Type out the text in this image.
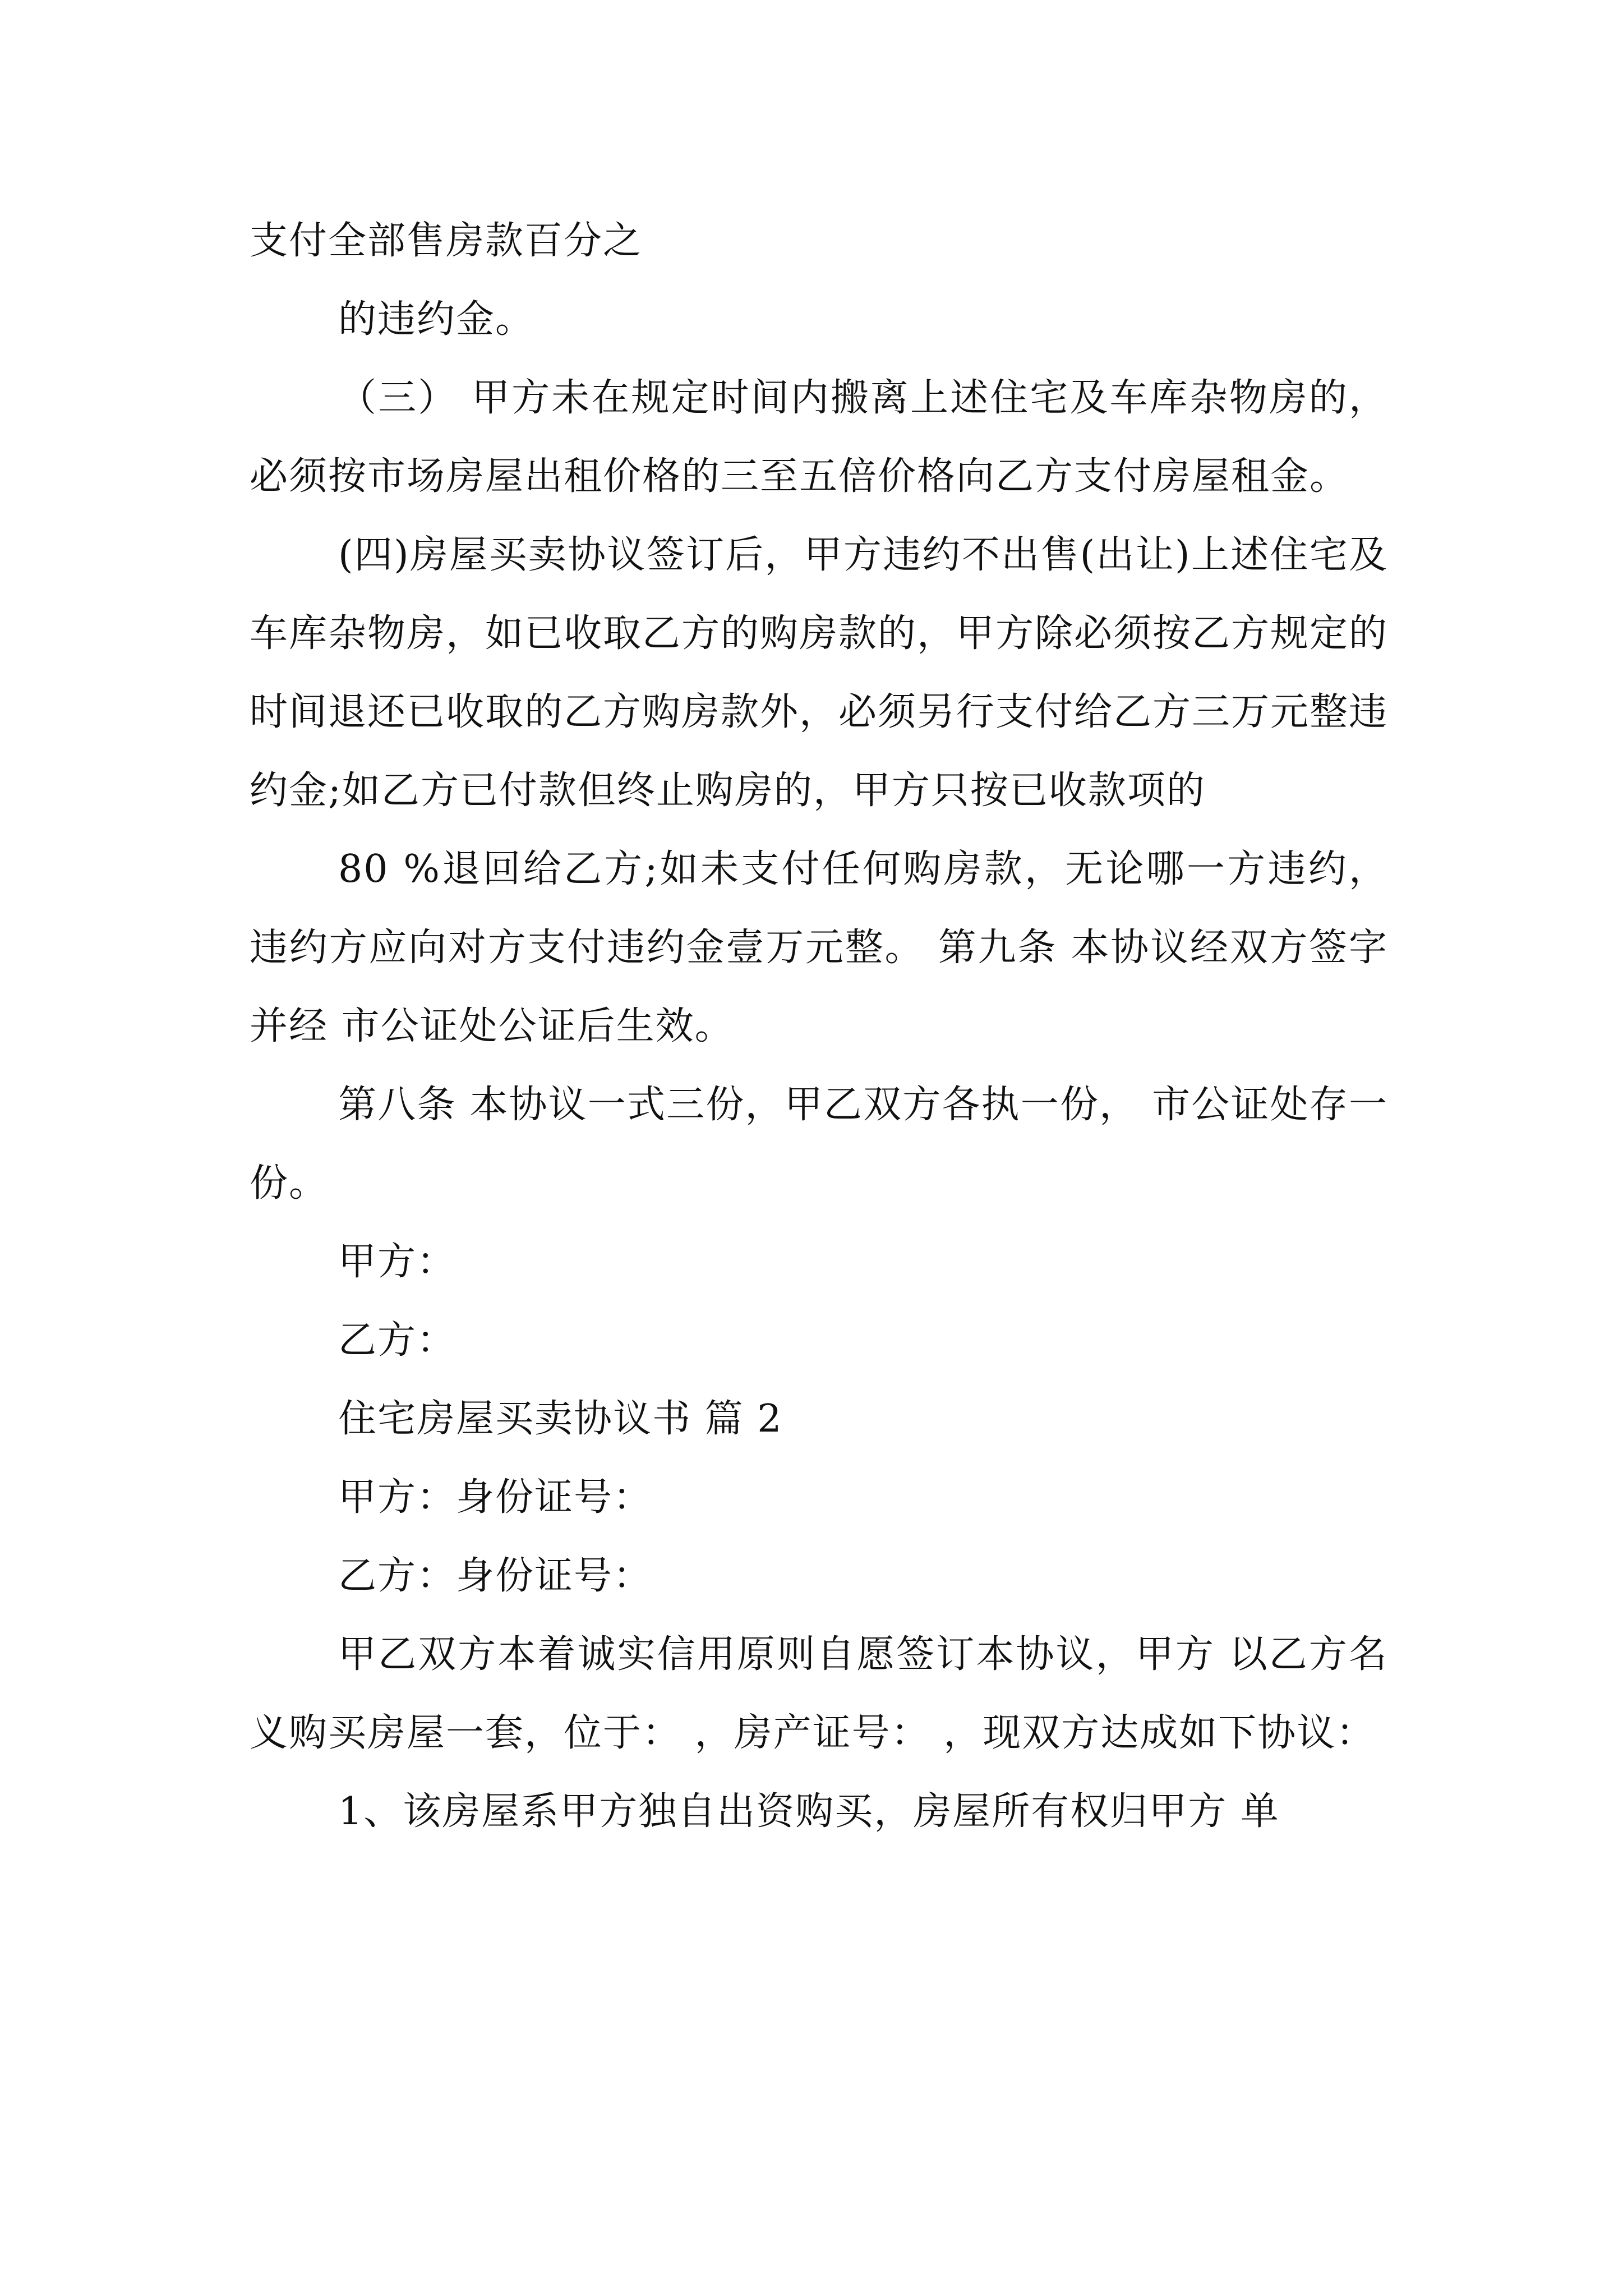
支付全部售房款百分之

的违约金。

（三） 甲方未在规定时间内搬离上述住宅及车库杂物房的，必须按市场房屋出租价格的三至五倍价格向乙方支付房屋租金。

(四)房屋买卖协议签订后，甲方违约不出售(出让)上述住宅及车库杂物房，如已收取乙方的购房款的，甲方除必须按乙方规定的时间退还已收取的乙方购房款外，必须另行支付给乙方三万元整违约金;如乙方已付款但终止购房的，甲方只按已收款项的

80 %退回给乙方;如未支付任何购房款，无论哪一方违约，违约方应向对方支付违约金壹万元整。 第九条 本协议经双方签字并经 市公证处公证后生效。

第八条 本协议一式三份，甲乙双方各执一份， 市公证处存一份。

甲方：

乙方：

住宅房屋买卖协议书 篇 2

甲方：身份证号：

乙方：身份证号：

甲乙双方本着诚实信用原则自愿签订本协议，甲方 以乙方名义购买房屋一套，位于： ，房产证号： ，现双方达成如下协议：

1、该房屋系甲方独自出资购买，房屋所有权归甲方 单
